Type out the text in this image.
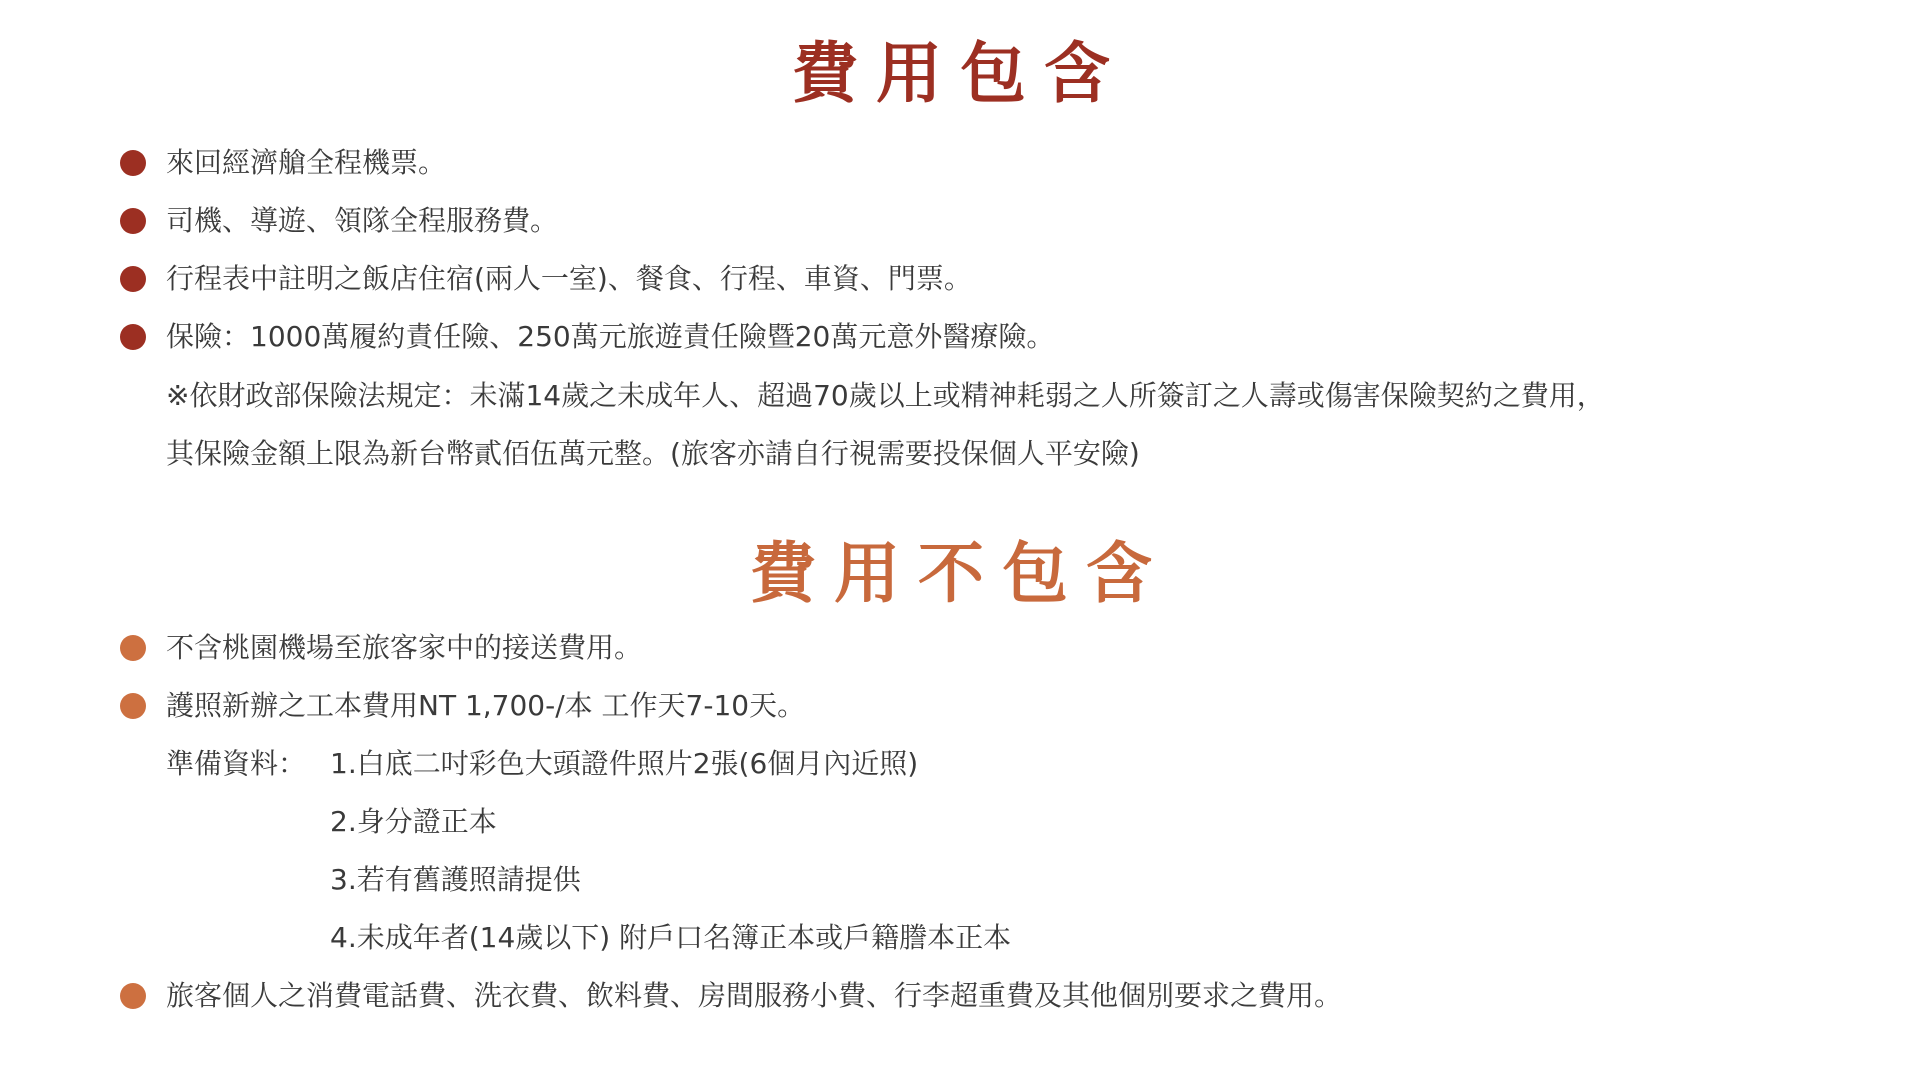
費用包含
來回經濟艙全程機票。
司機、導遊、領隊全程服務費。
行程表中註明之飯店住宿(兩人一室)、餐食、行程、車資、門票。
保險：1000萬履約責任險、250萬元旅遊責任險暨20萬元意外醫療險。
※依財政部保險法規定：未滿14歲之未成年人、超過70歲以上或精神耗弱之人所簽訂之人壽或傷害保險契約之費用，
其保險金額上限為新台幣貳佰伍萬元整。(旅客亦請自行視需要投保個人平安險)
費用不包含
不含桃園機場至旅客家中的接送費用。
護照新辦之工本費用NT 1,700-/本 工作天7-10天。
準備資料： 1.白底二吋彩色大頭證件照片2張(6個月內近照)
2.身分證正本
3.若有舊護照請提供
4.未成年者(14歲以下) 附戶口名簿正本或戶籍謄本正本
旅客個人之消費電話費、洗衣費、飲料費、房間服務小費、行李超重費及其他個別要求之費用。
